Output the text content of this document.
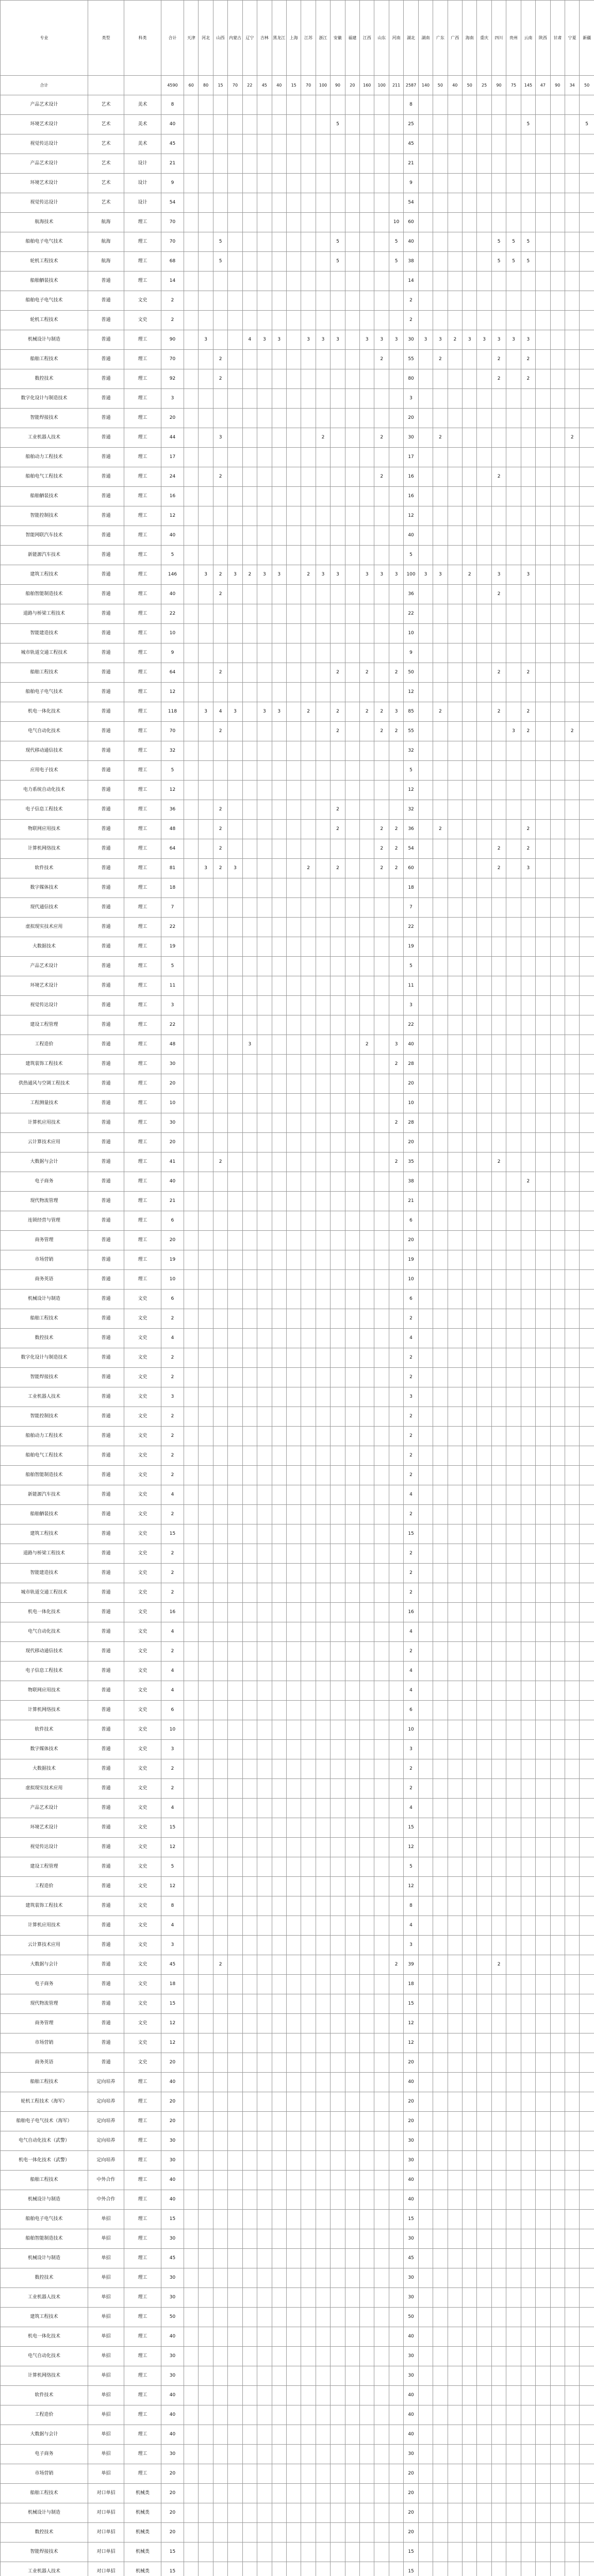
专业	类型	科类	合计	天津	河北	山西	内蒙古	辽宁	吉林	黑龙江	上海	江苏	浙江	安徽	福建	江西	山东	河南	湖北	湖南	广东	广西	海南	重庆	四川	贵州	云南	陕西	甘肃	宁夏	新疆
合计			4590	60	80	15	70	22	45	40	15	70	100	90	20	160	100	211	2587	140	50	40	50	25	90	75	145	47	90	34	50
产品艺术设计	艺术	美术	8																8												
环境艺术设计	艺术	美术	40											5					25								5				5
视觉传达设计	艺术	美术	45																45												
产品艺术设计	艺术	设计	21																21												
环境艺术设计	艺术	设计	9																9												
视觉传达设计	艺术	设计	54																54												
航海技术	航海	理工	70															10	60												
船舶电子电气技术	航海	理工	70			5								5				5	40						5	5	5				
轮机工程技术	航海	理工	68			5								5				5	38						5	5	5				
船舶舾装技术	普通	理工	14																14												
船舶电子电气技术	普通	文史	2																2												
轮机工程技术	普通	文史	2																2												
机械设计与制造	普通	理工	90		3			4	3	3		3	3	3		3	3	3	30	3	3	2	3	3	3	3	3				
船舶工程技术	普通	理工	70			2											2		55		2				2		2				
数控技术	普通	理工	92			2													80						2		2				
数字化设计与制造技术	普通	理工	3																3												
智能焊接技术	普通	理工	20																20												
工业机器人技术	普通	理工	44			3							2				2		30		2									2	
船舶动力工程技术	普通	理工	17																17												
船舶电气工程技术	普通	理工	24			2											2		16						2						
船舶舾装技术	普通	理工	16																16												
智能控制技术	普通	理工	12																12												
智能网联汽车技术	普通	理工	40																40												
新能源汽车技术	普通	理工	5																5												
建筑工程技术	普通	理工	146		3	2	3	2	3	3		2	3	3		3	3	3	100	3	3		2		3		3				
船舶智能制造技术	普通	理工	40			2													36						2						
道路与桥梁工程技术	普通	理工	22																22												
智能建造技术	普通	理工	10																10												
城市轨道交通工程技术	普通	理工	9																9												
船舶工程技术	普通	理工	64			2								2		2		2	50						2		2				
船舶电子电气技术	普通	理工	12																12												
机电一体化技术	普通	理工	118		3	4	3		3	3		2		2		2	2	3	85		2				2		2				
电气自动化技术	普通	理工	70			2								2			2	2	55							3	2			2	
现代移动通信技术	普通	理工	32																32												
应用电子技术	普通	理工	5																5												
电力系统自动化技术	普通	理工	12																12												
电子信息工程技术	普通	理工	36			2								2					32												
物联网应用技术	普通	理工	48			2								2			2	2	36		2						2				
计算机网络技术	普通	理工	64			2											2	2	54						2		2				
软件技术	普通	理工	81		3	2	3					2		2			2	2	60						2		3				
数字媒体技术	普通	理工	18																18												
现代通信技术	普通	理工	7																7												
虚拟现实技术应用	普通	理工	22																22												
大数据技术	普通	理工	19																19												
产品艺术设计	普通	理工	5																5												
环境艺术设计	普通	理工	11																11												
视觉传达设计	普通	理工	3																3												
建设工程管理	普通	理工	22																22												
工程造价	普通	理工	48					3								2		3	40												
建筑装饰工程技术	普通	理工	30															2	28												
供热通风与空调工程技术	普通	理工	20																20												
工程测量技术	普通	理工	10																10												
计算机应用技术	普通	理工	30															2	28												
云计算技术应用	普通	理工	20																20												
大数据与会计	普通	理工	41			2												2	35						2						
电子商务	普通	理工	40																38								2				
现代物流管理	普通	理工	21																21												
连锁经营与管理	普通	理工	6																6												
商务管理	普通	理工	20																20												
市场营销	普通	理工	19																19												
商务英语	普通	理工	10																10												
机械设计与制造	普通	文史	6																6												
船舶工程技术	普通	文史	2																2												
数控技术	普通	文史	4																4												
数字化设计与制造技术	普通	文史	2																2												
智能焊接技术	普通	文史	2																2												
工业机器人技术	普通	文史	3																3												
智能控制技术	普通	文史	2																2												
船舶动力工程技术	普通	文史	2																2												
船舶电气工程技术	普通	文史	2																2												
船舶智能制造技术	普通	文史	2																2												
新能源汽车技术	普通	文史	4																4												
船舶舾装技术	普通	文史	2																2												
建筑工程技术	普通	文史	15																15												
道路与桥梁工程技术	普通	文史	2																2												
智能建造技术	普通	文史	2																2												
城市轨道交通工程技术	普通	文史	2																2												
机电一体化技术	普通	文史	16																16												
电气自动化技术	普通	文史	4																4												
现代移动通信技术	普通	文史	2																2												
电子信息工程技术	普通	文史	4																4												
物联网应用技术	普通	文史	4																4												
计算机网络技术	普通	文史	6																6												
软件技术	普通	文史	10																10												
数字媒体技术	普通	文史	3																3												
大数据技术	普通	文史	2																2												
虚拟现实技术应用	普通	文史	2																2												
产品艺术设计	普通	文史	4																4												
环境艺术设计	普通	文史	15																15												
视觉传达设计	普通	文史	12																12												
建设工程管理	普通	文史	5																5												
工程造价	普通	文史	12																12												
建筑装饰工程技术	普通	文史	8																8												
计算机应用技术	普通	文史	4																4												
云计算技术应用	普通	文史	3																3												
大数据与会计	普通	文史	45			2												2	39						2						
电子商务	普通	文史	18																18												
现代物流管理	普通	文史	15																15												
商务管理	普通	文史	12																12												
市场营销	普通	文史	12																12												
商务英语	普通	文史	20																20												
船舶工程技术	定向培养	理工	40																40												
轮机工程技术（海军）	定向培养	理工	20																20												
船舶电子电气技术（海军）	定向培养	理工	20																20												
电气自动化技术（武警）	定向培养	理工	30																30												
机电一体化技术（武警）	定向培养	理工	30																30												
船舶工程技术	中外合作	理工	40																40												
机械设计与制造	中外合作	理工	40																40												
船舶电子电气技术	单招	理工	15																15												
船舶智能制造技术	单招	理工	30																30												
机械设计与制造	单招	理工	45																45												
数控技术	单招	理工	30																30												
工业机器人技术	单招	理工	30																30												
建筑工程技术	单招	理工	50																50												
机电一体化技术	单招	理工	40																40												
电气自动化技术	单招	理工	30																30												
计算机网络技术	单招	理工	30																30												
软件技术	单招	理工	40																40												
工程造价	单招	理工	40																40												
大数据与会计	单招	理工	40																40												
电子商务	单招	理工	30																30												
市场营销	单招	理工	20																20												
船舶工程技术	对口单招	机械类	20																20												
机械设计与制造	对口单招	机械类	20																20												
数控技术	对口单招	机械类	20																20												
智能焊接技术	对口单招	机械类	15																15												
工业机器人技术	对口单招	机械类	15																15												
